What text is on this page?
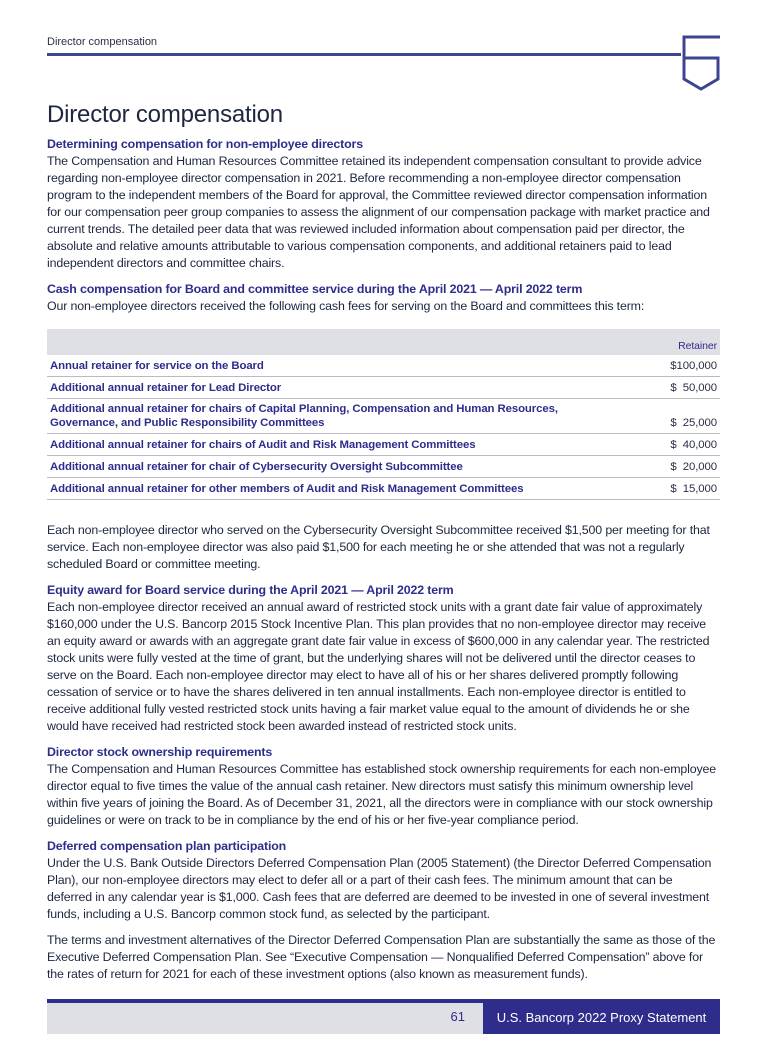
Director compensation
Director compensation
Determining compensation for non-employee directors

The Compensation and Human Resources Committee retained its independent compensation consultant to provide advice regarding non-employee director compensation in 2021. Before recommending a non-employee director compensation program to the independent members of the Board for approval, the Committee reviewed director compensation information for our compensation peer group companies to assess the alignment of our compensation package with market practice and current trends. The detailed peer data that was reviewed included information about compensation paid per director, the absolute and relative amounts attributable to various compensation components, and additional retainers paid to lead independent directors and committee chairs.

Cash compensation for Board and committee service during the April 2021 — April 2022 term

Our non-employee directors received the following cash fees for serving on the Board and committees this term:

	Retainer
Annual retainer for service on the Board	$100,000
Additional annual retainer for Lead Director	$  50,000
Additional annual retainer for chairs of Capital Planning, Compensation and Human Resources, Governance, and Public Responsibility Committees	$  25,000
Additional annual retainer for chairs of Audit and Risk Management Committees	$  40,000
Additional annual retainer for chair of Cybersecurity Oversight Subcommittee	$  20,000
Additional annual retainer for other members of Audit and Risk Management Committees	$  15,000

Each non-employee director who served on the Cybersecurity Oversight Subcommittee received $1,500 per meeting for that service. Each non-employee director was also paid $1,500 for each meeting he or she attended that was not a regularly scheduled Board or committee meeting.

Equity award for Board service during the April 2021 — April 2022 term

Each non-employee director received an annual award of restricted stock units with a grant date fair value of approximately $160,000 under the U.S. Bancorp 2015 Stock Incentive Plan. This plan provides that no non-employee director may receive an equity award or awards with an aggregate grant date fair value in excess of $600,000 in any calendar year. The restricted stock units were fully vested at the time of grant, but the underlying shares will not be delivered until the director ceases to serve on the Board. Each non-employee director may elect to have all of his or her shares delivered promptly following cessation of service or to have the shares delivered in ten annual installments. Each non-employee director is entitled to receive additional fully vested restricted stock units having a fair market value equal to the amount of dividends he or she would have received had restricted stock been awarded instead of restricted stock units.

Director stock ownership requirements

The Compensation and Human Resources Committee has established stock ownership requirements for each non-employee director equal to five times the value of the annual cash retainer. New directors must satisfy this minimum ownership level within five years of joining the Board. As of December 31, 2021, all the directors were in compliance with our stock ownership guidelines or were on track to be in compliance by the end of his or her five-year compliance period.

Deferred compensation plan participation

Under the U.S. Bank Outside Directors Deferred Compensation Plan (2005 Statement) (the Director Deferred Compensation Plan), our non-employee directors may elect to defer all or a part of their cash fees. The minimum amount that can be deferred in any calendar year is $1,000. Cash fees that are deferred are deemed to be invested in one of several investment funds, including a U.S. Bancorp common stock fund, as selected by the participant.

The terms and investment alternatives of the Director Deferred Compensation Plan are substantially the same as those of the Executive Deferred Compensation Plan. See “Executive Compensation — Nonqualified Deferred Compensation” above for the rates of return for 2021 for each of these investment options (also known as measurement funds).

61	U.S. Bancorp 2022 Proxy Statement
